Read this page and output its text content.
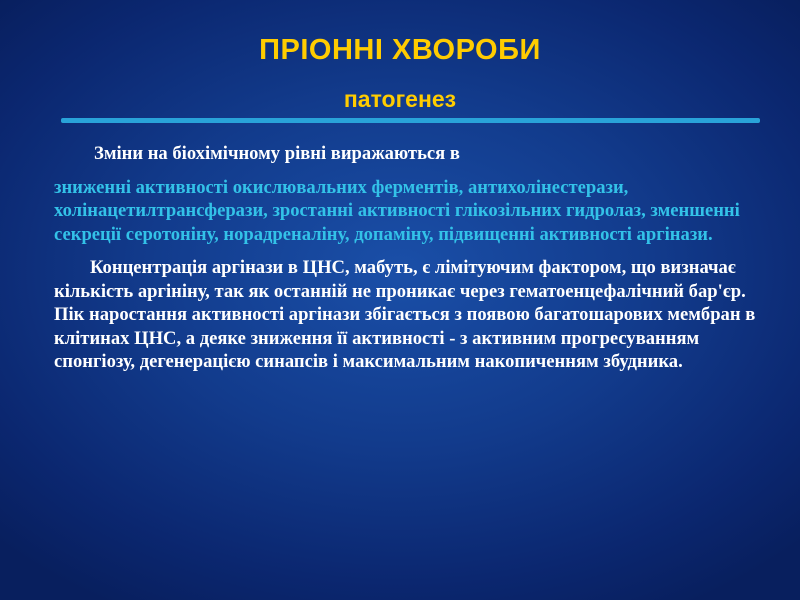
ПРІОННІ ХВОРОБИ
патогенез
Зміни на біохімічному рівні виражаються в
зниженні активності окислювальних ферментів, антихолінестерази, холінацетилтрансферази, зростанні активності глікозільних гидролаз, зменшенні секреції серотоніну, норадреналіну, допаміну, підвищенні активності аргінази.
Концентрація аргінази в ЦНС, мабуть, є лімітуючим фактором, що визначає кількість аргініну, так як останній не проникає через гематоенцефалічний бар'єр. Пік наростання активності аргінази збігається з появою багатошарових мембран в клітинах ЦНС, а деяке зниження її активності - з активним прогресуванням спонгіозу, дегенерацією синапсів і максимальним накопиченням збудника.
